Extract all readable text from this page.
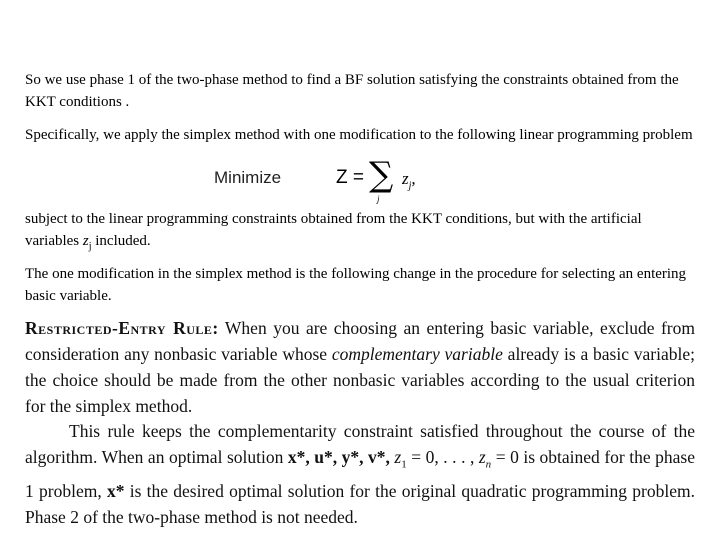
So we use phase 1 of the two-phase method to find a BF solution satisfying the constraints obtained from the KKT conditions .

Specifically, we apply the simplex method with one modification to the following linear programming problem

Minimize	Z = ∑
j
$z_j$,

subject to the linear programming constraints obtained from the KKT conditions, but with the artificial variables $z_j$ included.

The one modification in the simplex method is the following change in the procedure for selecting an entering basic variable.

Restricted-Entry Rule: When you are choosing an entering basic variable, exclude from consideration any nonbasic variable whose complementary variable already is a basic variable; the choice should be made from the other nonbasic variables according to the usual criterion for the simplex method.

This rule keeps the complementarity constraint satisfied throughout the course of the algorithm. When an optimal solution x*, u*, y*, v*, $z_1 = 0$, . . . , $z_n = 0$ is obtained for the phase 1 problem, x* is the desired optimal solution for the original quadratic programming problem. Phase 2 of the two-phase method is not needed.
